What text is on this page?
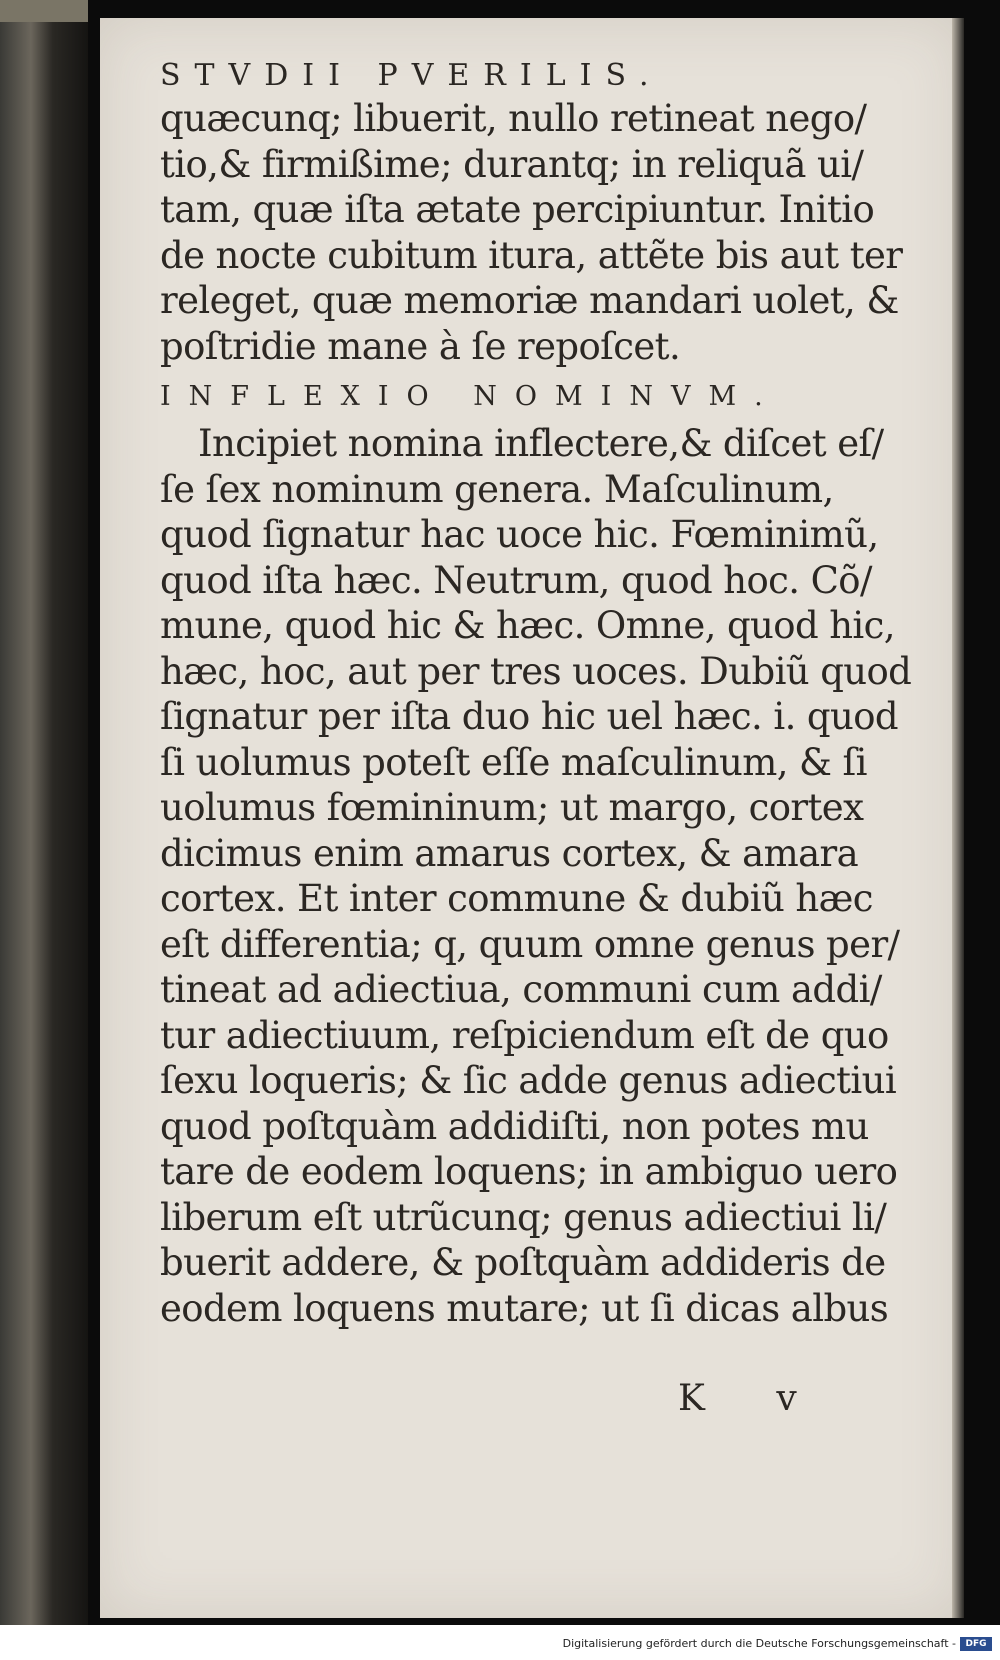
STVDII PVERILIS.
quæcunq; libuerit, nullo retineat nego/
tio,& firmißime; durantq; in reliquã ui/
tam, quæ iſta ætate percipiuntur. Initio
de nocte cubitum itura, attẽte bis aut ter
releget, quæ memoriæ mandari uolet, &
poſtridie mane à ſe repoſcet.
INFLEXIO NOMINVM.
Incipiet nomina inflectere,& diſcet eſ/
ſe ſex nominum genera. Maſculinum,
quod ſignatur hac uoce hic. Fœminimũ,
quod iſta hæc. Neutrum, quod hoc. Cõ/
mune, quod hic & hæc. Omne, quod hic,
hæc, hoc, aut per tres uoces. Dubiũ quod
ſignatur per iſta duo hic uel hæc. i. quod
ſi uolumus poteſt eſſe maſculinum, & ſi
uolumus fœmininum; ut margo, cortex
dicimus enim amarus cortex, & amara
cortex. Et inter commune & dubiũ hæc
eſt differentia; q, quum omne genus per/
tineat ad adiectiua, communi cum addi/
tur adiectiuum, reſpiciendum eſt de quo
ſexu loqueris; & ſic adde genus adiectiui
quod poſtquàm addidiſti, non potes mu
tare de eodem loquens; in ambiguo uero
liberum eſt utrũcunq; genus adiectiui li/
buerit addere, & poſtquàm addideris de
eodem loquens mutare; ut ſi dicas albus
K v
Digitalisierung gefördert durch die Deutsche Forschungsgemeinschaft -	DFG
